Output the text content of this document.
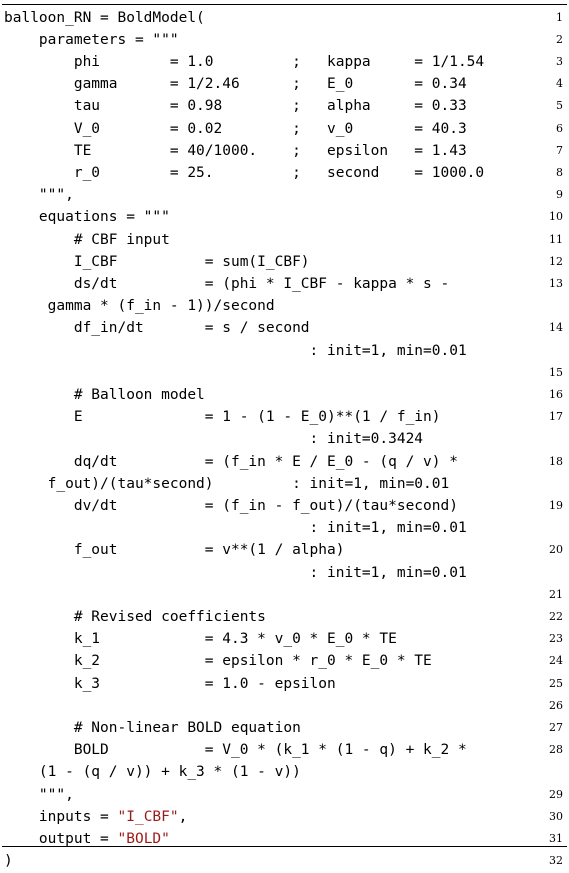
balloon_RN = BoldModel(	1
parameters = """	2
phi        = 1.0         ;   kappa     = 1/1.54	3
gamma      = 1/2.46      ;   E_0       = 0.34	4
tau        = 0.98        ;   alpha     = 0.33	5
V_0        = 0.02        ;   v_0       = 40.3	6
TE         = 40/1000.    ;   epsilon   = 1.43	7
r_0        = 25.         ;   second    = 1000.0	8
""",	9
equations = """	10
# CBF input	11
I_CBF          = sum(I_CBF)	12
ds/dt          = (phi * I_CBF - kappa * s -	13
gamma * (f_in - 1))/second
df_in/dt       = s / second	14
: init=1, min=0.01
15
# Balloon model	16
E              = 1 - (1 - E_0)**(1 / f_in)	17
: init=0.3424
dq/dt          = (f_in * E / E_0 - (q / v) *	18
f_out)/(tau*second)         : init=1, min=0.01
dv/dt          = (f_in - f_out)/(tau*second)	19
: init=1, min=0.01
f_out          = v**(1 / alpha)	20
: init=1, min=0.01
21
# Revised coefficients	22
k_1            = 4.3 * v_0 * E_0 * TE	23
k_2            = epsilon * r_0 * E_0 * TE	24
k_3            = 1.0 - epsilon	25
26
# Non-linear BOLD equation	27
BOLD           = V_0 * (k_1 * (1 - q) + k_2 *	28
(1 - (q / v)) + k_3 * (1 - v))
""",	29
inputs = "I_CBF",	30
output = "BOLD"	31
)	32
